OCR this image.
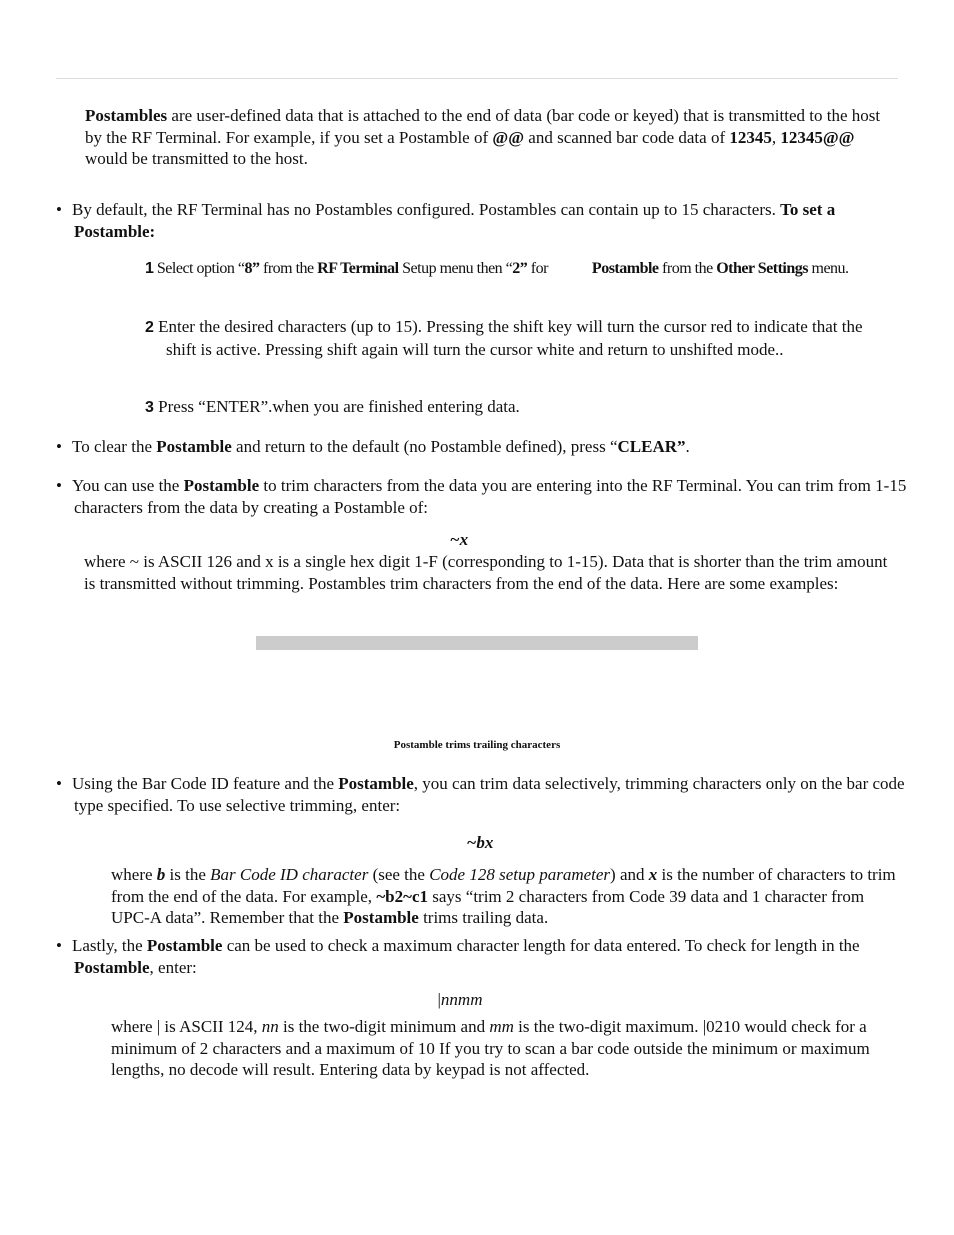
Postambles are user-defined data that is attached to the end of data (bar code or keyed) that is transmitted to the host by the RF Terminal. For example, if you set a Postamble of @@ and scanned bar code data of 12345, 12345@@ would be transmitted to the host.

• By default, the RF Terminal has no Postambles configured. Postambles can contain up to 15 characters. To set a Postamble:

1 Select option “8” from the RF Terminal Setup menu then “2” for	Postamble from the Other Settings menu.

2 Enter the desired characters (up to 15). Pressing the shift key will turn the cursor red to indicate that the shift is active. Pressing shift again will turn the cursor white and return to unshifted mode..

3 Press “ENTER”.when you are finished entering data.

• To clear the Postamble and return to the default (no Postamble defined), press “CLEAR”.

• You can use the Postamble to trim characters from the data you are entering into the RF Terminal. You can trim from 1-15 characters from the data by creating a Postamble of:

~x

where ~ is ASCII 126 and x is a single hex digit 1-F (corresponding to 1-15). Data that is shorter than the trim amount is transmitted without trimming. Postambles trim characters from the end of the data. Here are some examples:

Postamble trims trailing characters

• Using the Bar Code ID feature and the Postamble, you can trim data selectively, trimming characters only on the bar code type specified. To use selective trimming, enter:

~bx

where b is the Bar Code ID character (see the Code 128 setup parameter) and x is the number of characters to trim from the end of the data. For example, ~b2~c1 says “trim 2 characters from Code 39 data and 1 character from UPC-A data”. Remember that the Postamble trims trailing data.

• Lastly, the Postamble can be used to check a maximum character length for data entered. To check for length in the Postamble, enter:

|nnmm

where | is ASCII 124, nn is the two-digit minimum and mm is the two-digit maximum. |0210 would check for a minimum of 2 characters and a maximum of 10 If you try to scan a bar code outside the minimum or maximum lengths, no decode will result. Entering data by keypad is not affected.
